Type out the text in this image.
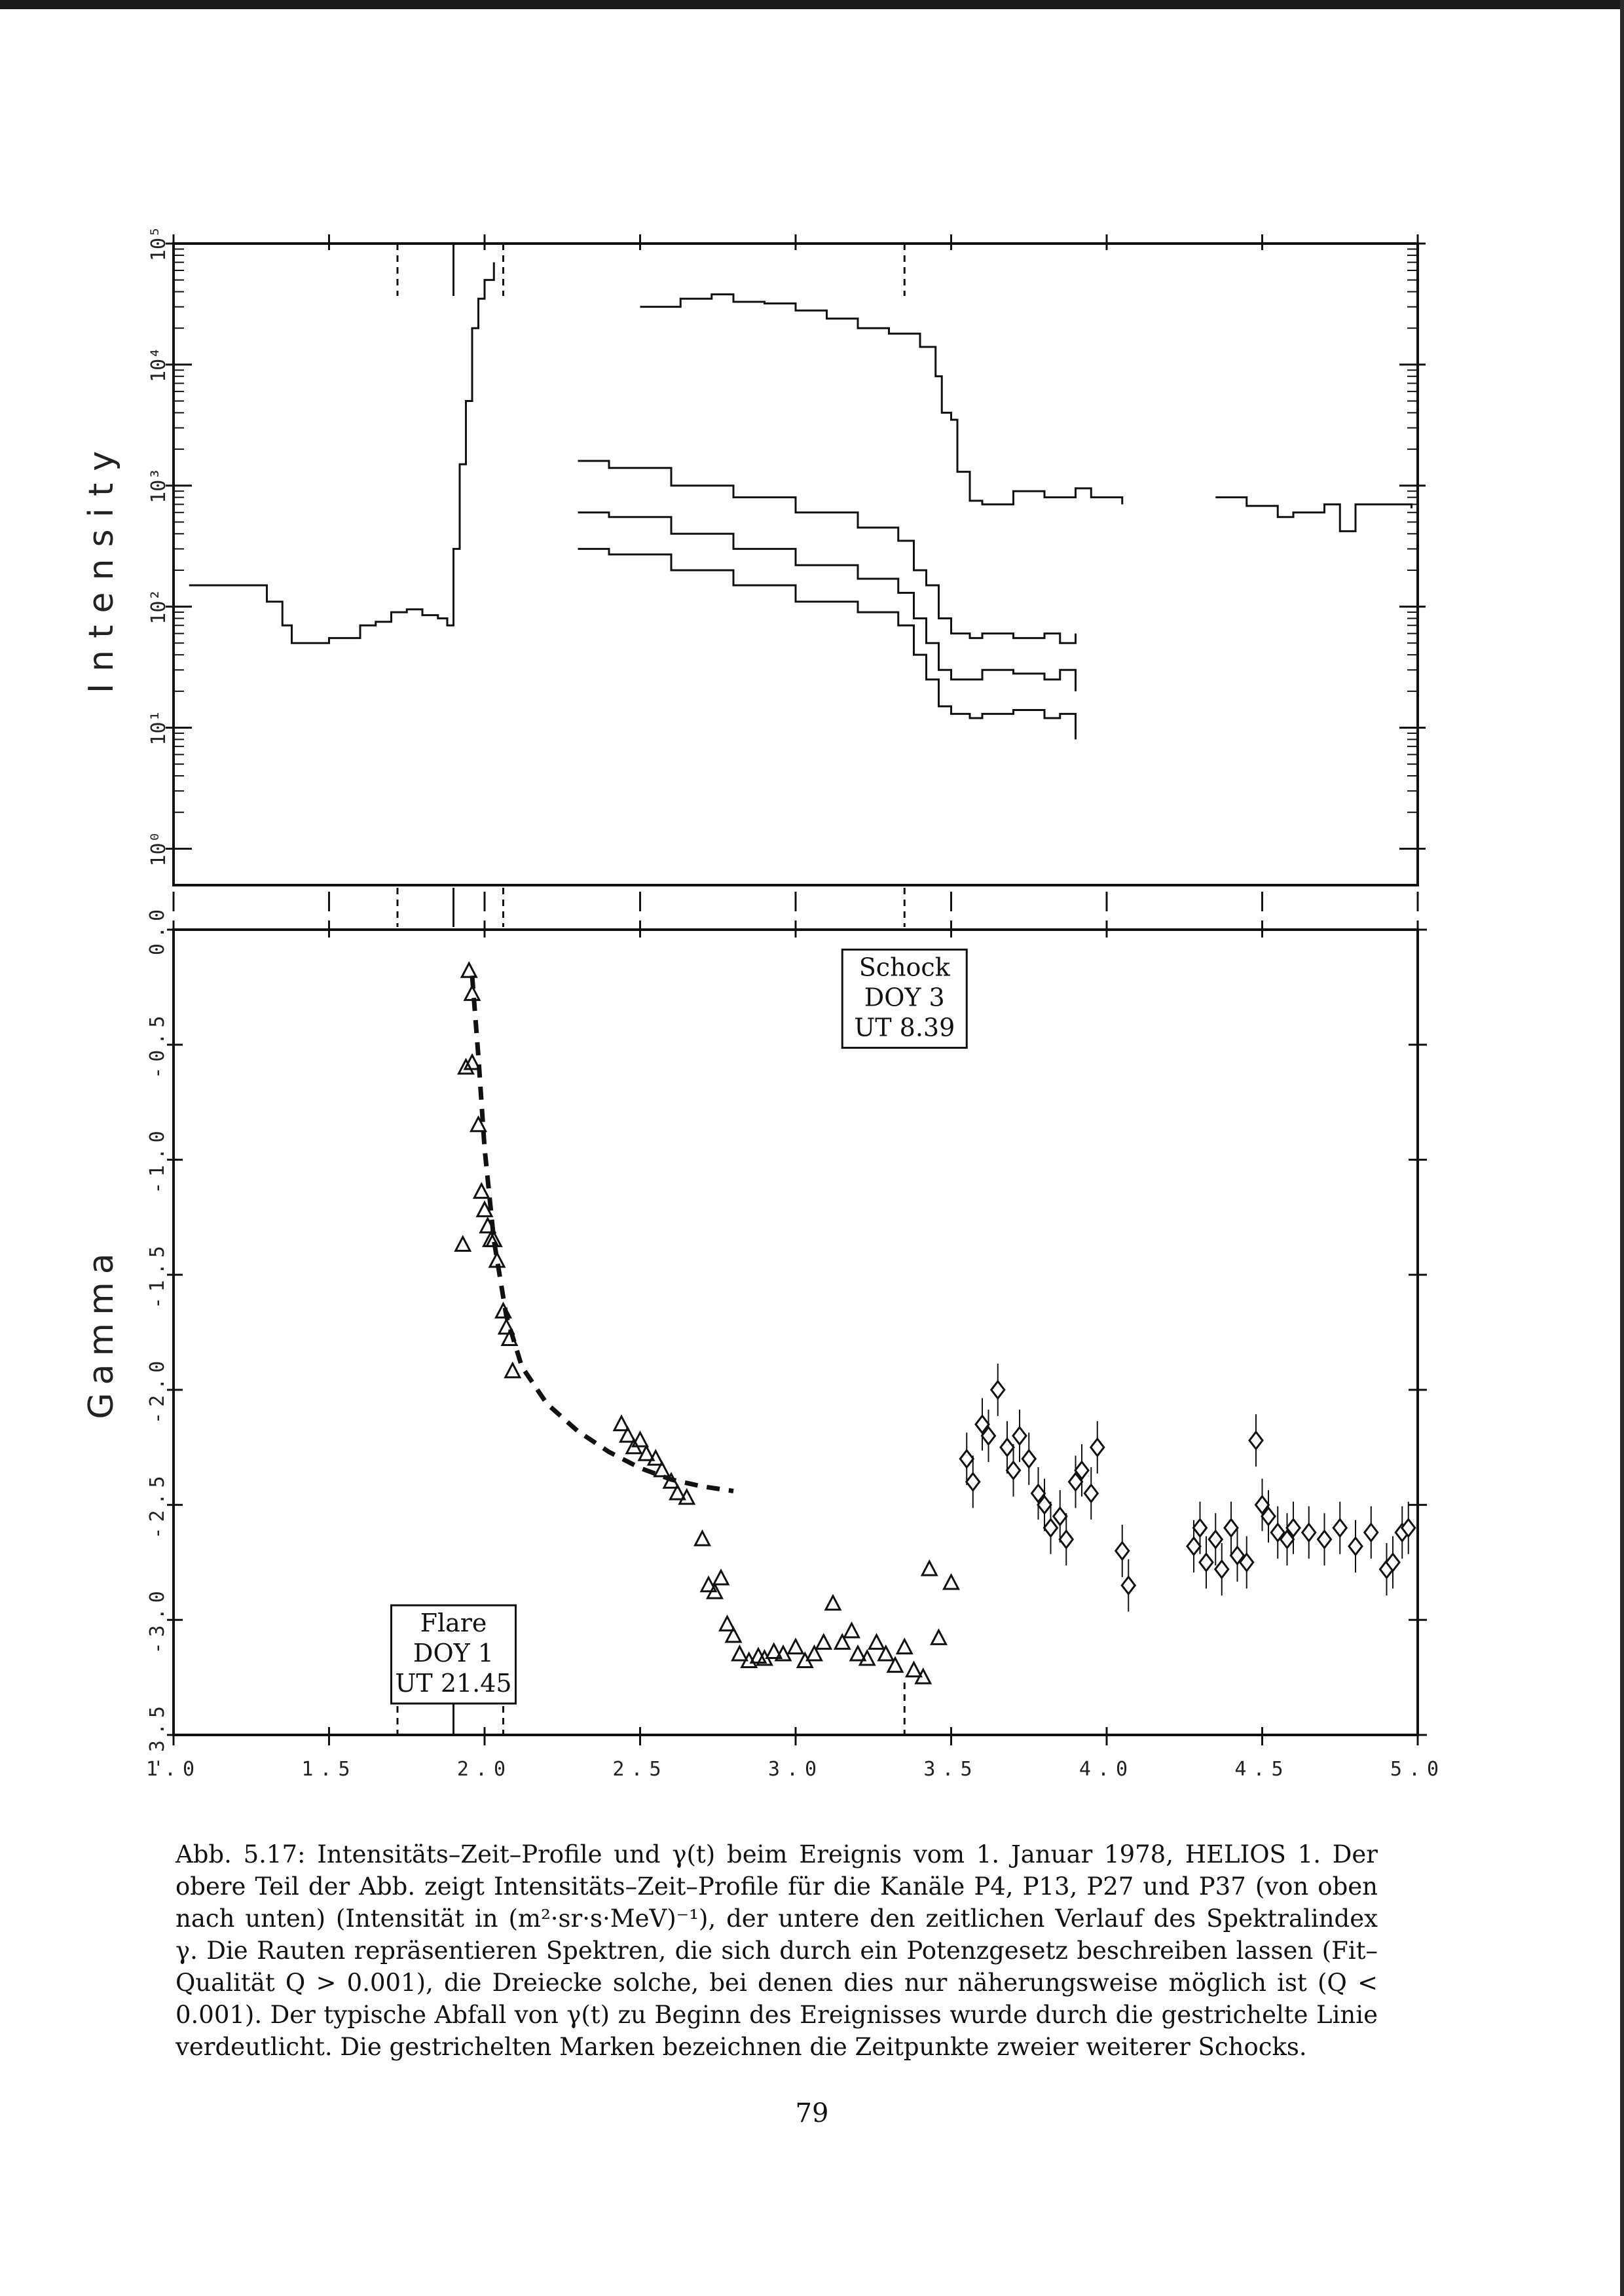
10⁰
10¹
10²
10³
10⁴
10⁵
Intensity
0.0
-0.5
-1.0
-1.5
-2.0
-2.5
-3.0
-3.5
1.0	1.5	2.0	2.5	3.0	3.5	4.0	4.5	5.0
Schock
DOY 3
UT 8.39
Flare
DOY 1
UT 21.45
Gamma
Abb. 5.17: Intensitäts–Zeit–Profile und γ(t) beim Ereignis vom 1. Januar 1978, HELIOS 1. Der obere Teil der Abb. zeigt Intensitäts–Zeit–Profile für die Kanäle P4, P13, P27 und P37 (von oben nach unten) (Intensität in (m²·sr·s·MeV)⁻¹), der untere den zeitlichen Verlauf des Spektralindex γ. Die Rauten repräsentieren Spektren, die sich durch ein Potenzgesetz beschreiben lassen (Fit–Qualität Q > 0.001), die Dreiecke solche, bei denen dies nur näherungsweise möglich ist (Q < 0.001). Der typische Abfall von γ(t) zu Beginn des Ereignisses wurde durch die gestrichelte Linie verdeutlicht. Die gestrichelten Marken bezeichnen die Zeitpunkte zweier weiterer Schocks.
79
